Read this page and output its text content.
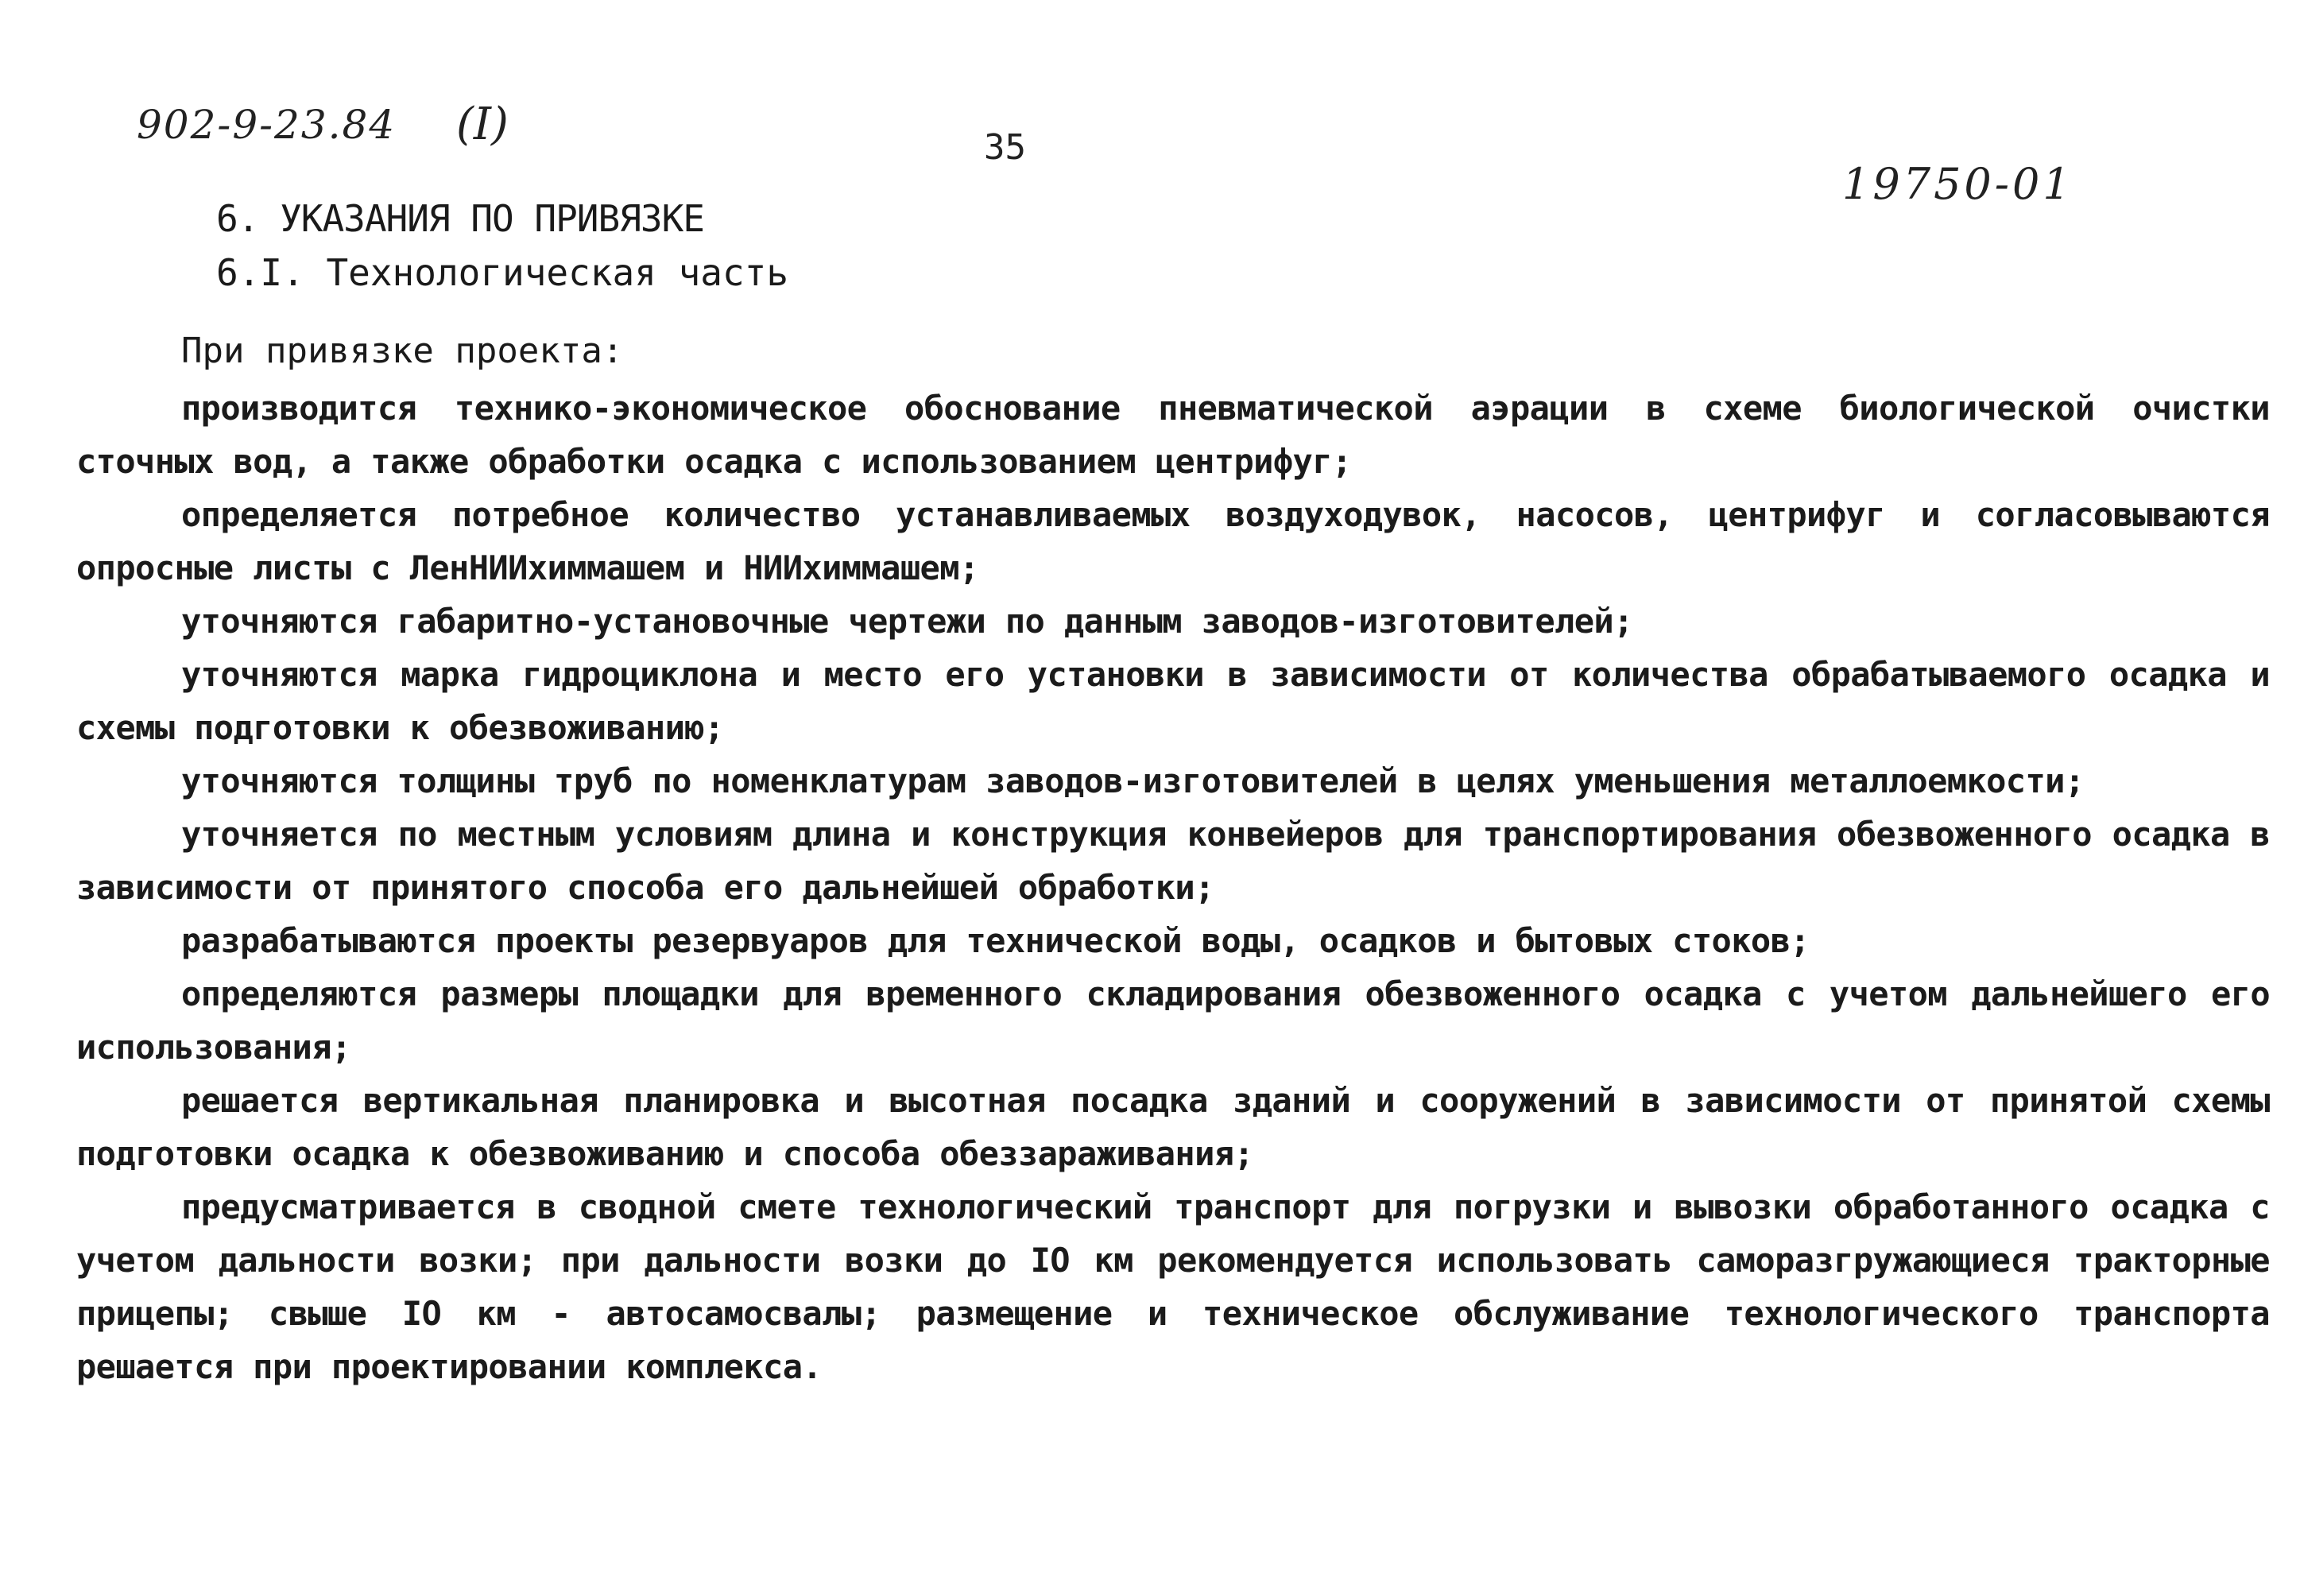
902-9-23.84 (I)	35
19750-01
6. УКАЗАНИЯ ПО ПРИВЯЗКЕ
6.I. Технологическая часть
При привязке проекта:

производится технико-экономическое обоснование пневматической аэрации в схеме биологической очистки сточных вод, а также обработки осадка с использованием центрифуг;

определяется потребное количество устанавливаемых воздуходувок, насосов, центрифуг и согласовываются опросные листы с ЛенНИИхиммашем и НИИхиммашем;

уточняются габаритно-установочные чертежи по данным заводов-изготовителей;

уточняются марка гидроциклона и место его установки в зависимости от количества обрабатываемого осадка и схемы подготовки к обезвоживанию;

уточняются толщины труб по номенклатурам заводов-изготовителей в целях уменьшения металлоемкости;

уточняется по местным условиям длина и конструкция конвейеров для транспортирования обезвоженного осадка в зависимости от принятого способа его дальнейшей обработки;

разрабатываются проекты резервуаров для технической воды, осадков и бытовых стоков;

определяются размеры площадки для временного складирования обезвоженного осадка с учетом дальнейшего его использования;

решается вертикальная планировка и высотная посадка зданий и сооружений в зависимости от принятой схемы подготовки осадка к обезвоживанию и способа обеззараживания;

предусматривается в сводной смете технологический транспорт для погрузки и вывозки обработанного осадка с учетом дальности возки; при дальности возки до IO км рекомендуется использовать саморазгружающиеся тракторные прицепы; свыше IO км - автосамосвалы; размещение и техническое обслуживание технологического транспорта решается при проектировании комплекса.
